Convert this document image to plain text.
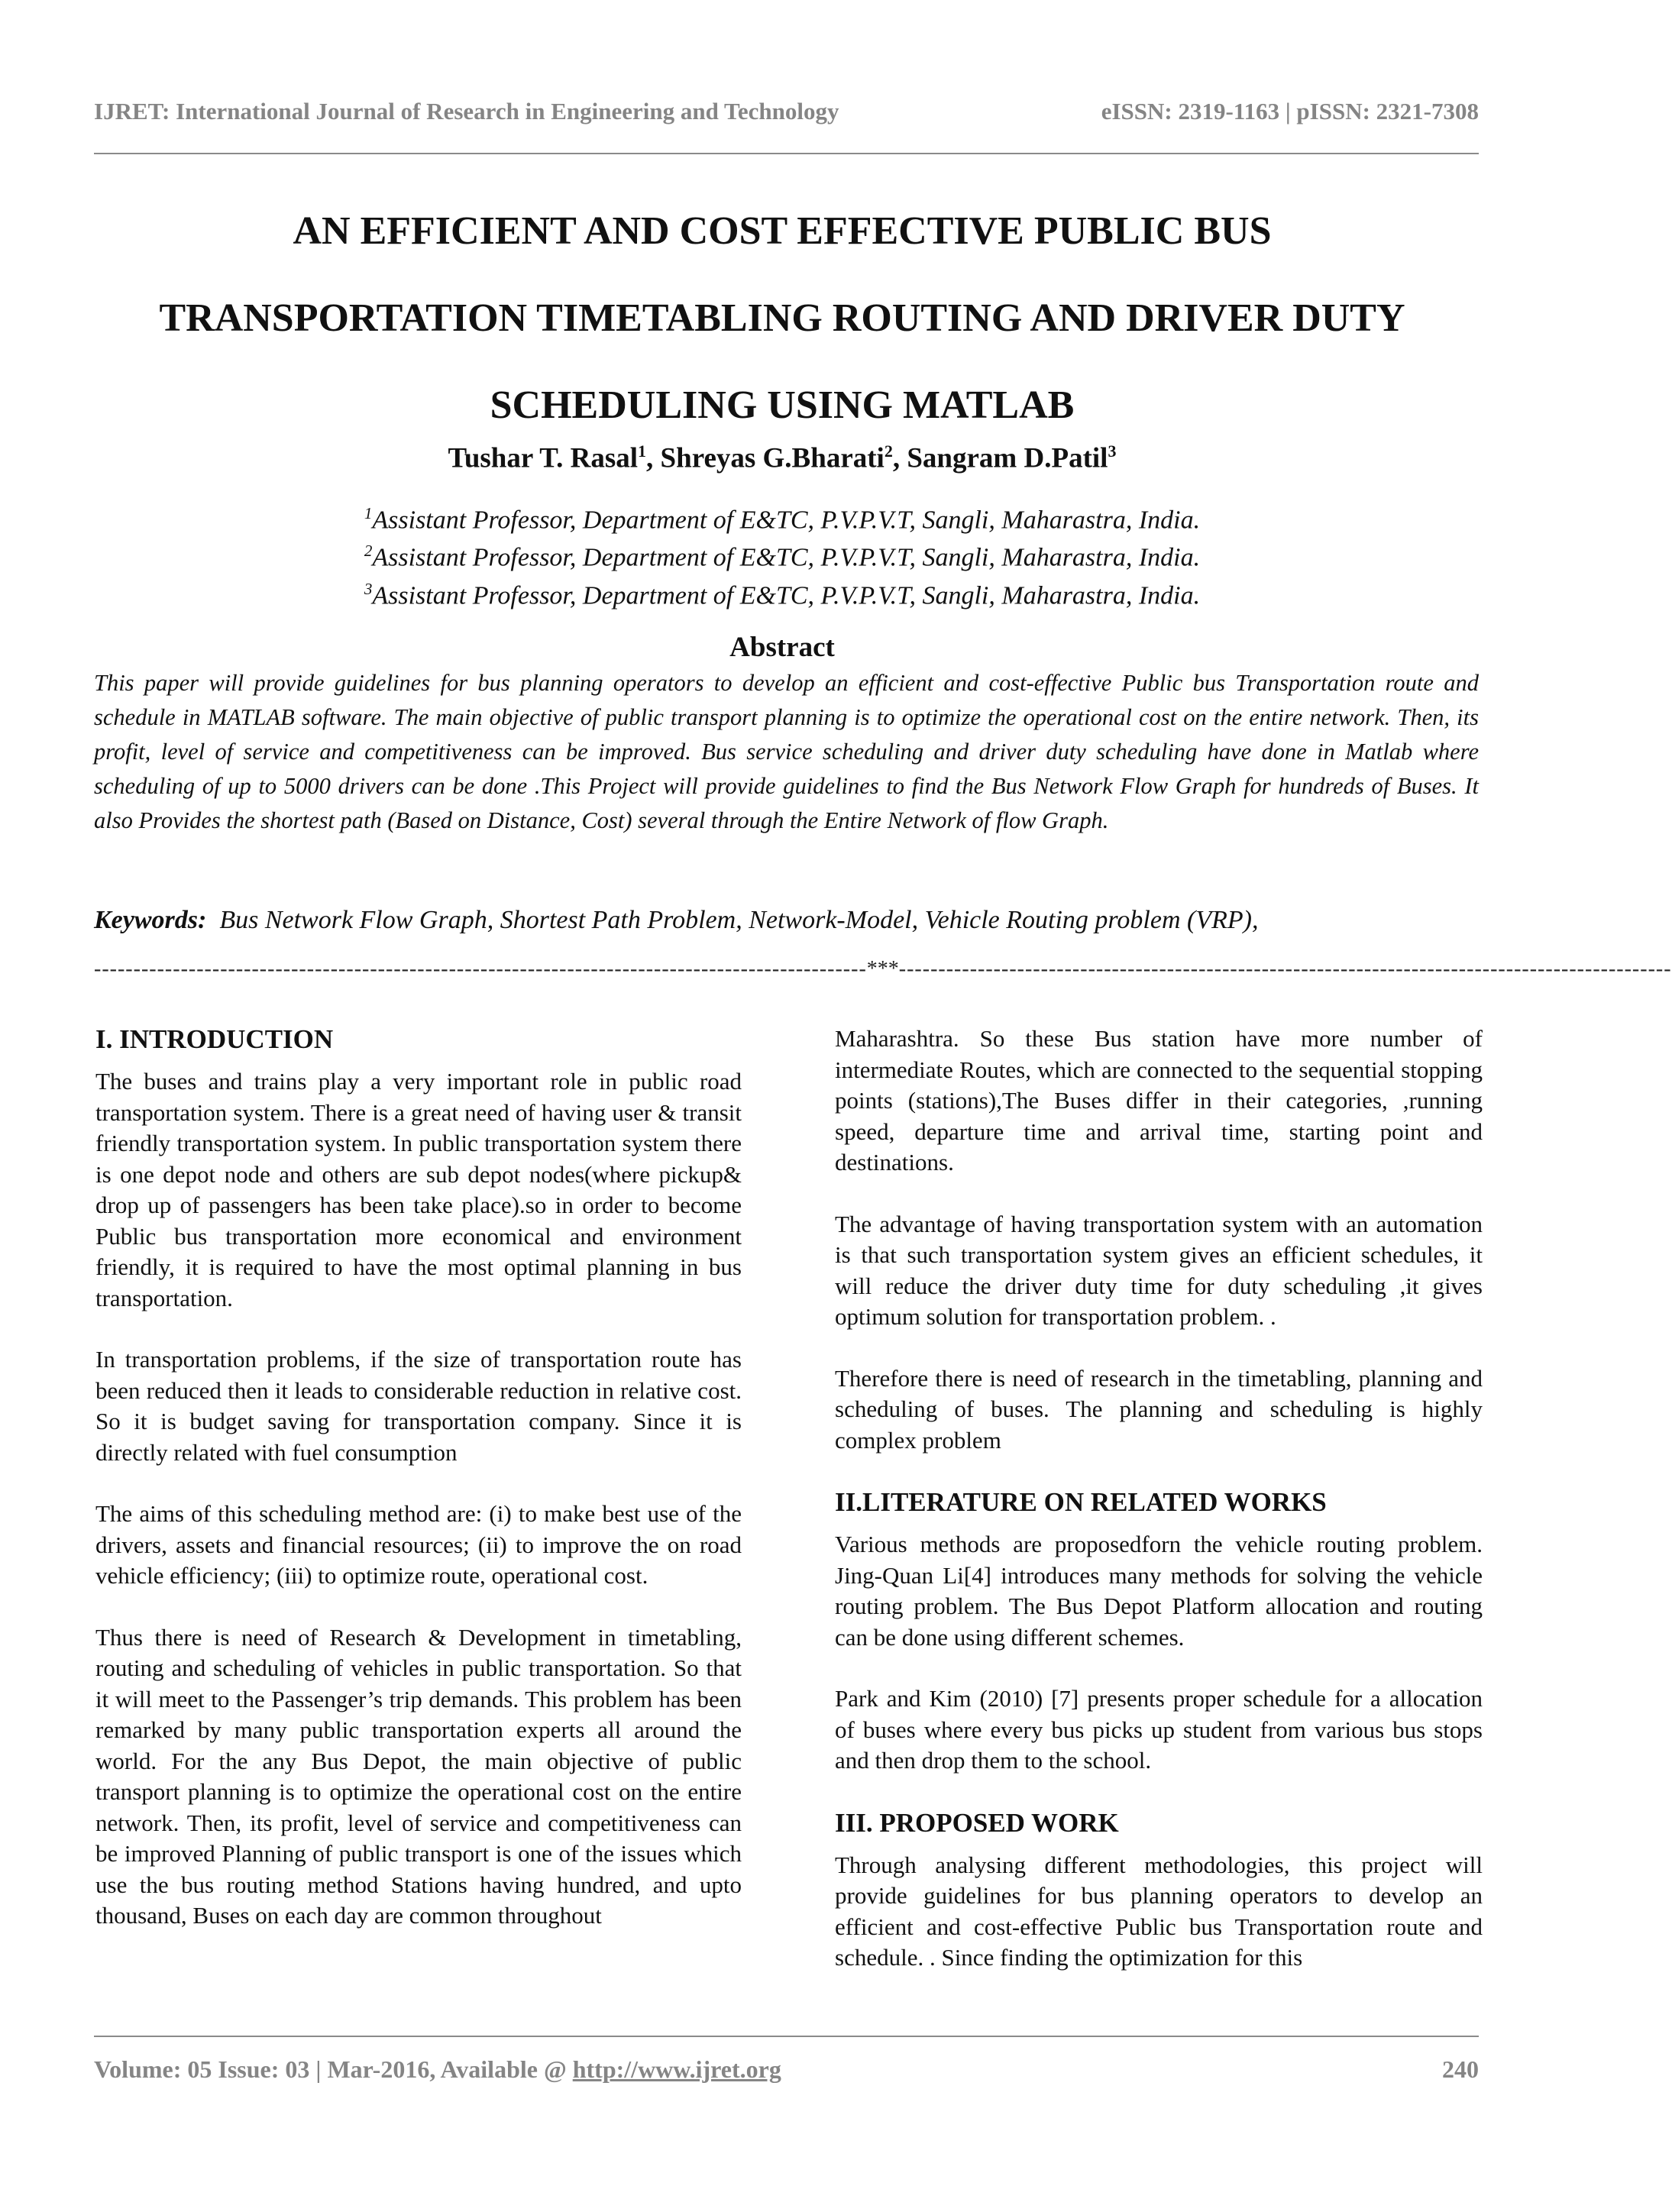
IJRET: International Journal of Research in Engineering and Technology	eISSN: 2319-1163 | pISSN: 2321-7308
AN EFFICIENT AND COST EFFECTIVE PUBLIC BUS
TRANSPORTATION TIMETABLING ROUTING AND DRIVER DUTY
SCHEDULING USING MATLAB
Tushar T. Rasal$^1$, Shreyas G.Bharati$^2$, Sangram D.Patil$^3$
$^1$Assistant Professor, Department of E&TC, P.V.P.V.T, Sangli, Maharastra, India.
$^2$Assistant Professor, Department of E&TC, P.V.P.V.T, Sangli, Maharastra, India.
$^3$Assistant Professor, Department of E&TC, P.V.P.V.T, Sangli, Maharastra, India.
Abstract
This paper will provide guidelines for bus planning operators to develop an efficient and cost-effective Public bus Transportation route and schedule in MATLAB software. The main objective of public transport planning is to optimize the operational cost on the entire network. Then, its profit, level of service and competitiveness can be improved. Bus service scheduling and driver duty scheduling have done in Matlab where scheduling of up to 5000 drivers can be done .This Project will provide guidelines to find the Bus Network Flow Graph for hundreds of Buses. It also Provides the shortest path (Based on Distance, Cost) several through the Entire Network of flow Graph.
Keywords: Bus Network Flow Graph, Shortest Path Problem, Network-Model, Vehicle Routing problem (VRP),
--------------------------------------------------------------------------------------------------***--------------------------------------------------------------------------------------------------
I. INTRODUCTION

The buses and trains play a very important role in public road transportation system. There is a great need of having user & transit friendly transportation system. In public transportation system there is one depot node and others are sub depot nodes(where pickup& drop up of passengers has been take place).so in order to become Public bus transportation more economical and environment friendly, it is required to have the most optimal planning in bus transportation.

In transportation problems, if the size of transportation route has been reduced then it leads to considerable reduction in relative cost. So it is budget saving for transportation company. Since it is directly related with fuel consumption

The aims of this scheduling method are: (i) to make best use of the drivers, assets and financial resources; (ii) to improve the on road vehicle efficiency; (iii) to optimize route, operational cost.

Thus there is need of Research & Development in timetabling, routing and scheduling of vehicles in public transportation. So that it will meet to the Passenger’s trip demands. This problem has been remarked by many public transportation experts all around the world. For the any Bus Depot, the main objective of public transport planning is to optimize the operational cost on the entire network. Then, its profit, level of service and competitiveness can be improved Planning of public transport is one of the issues which use the bus routing method Stations having hundred, and upto thousand, Buses on each day are common throughout

Maharashtra. So these Bus station have more number of intermediate Routes, which are connected to the sequential stopping points (stations),The Buses differ in their categories, ,running speed, departure time and arrival time, starting point and destinations.

The advantage of having transportation system with an automation is that such transportation system gives an efficient schedules, it will reduce the driver duty time for duty scheduling ,it gives optimum solution for transportation problem. .

Therefore there is need of research in the timetabling, planning and scheduling of buses. The planning and scheduling is highly complex problem

II.LITERATURE ON RELATED WORKS

Various methods are proposedforn the vehicle routing problem. Jing-Quan Li[4] introduces many methods for solving the vehicle routing problem. The Bus Depot Platform allocation and routing can be done using different schemes.

Park and Kim (2010) [7] presents proper schedule for a allocation of buses where every bus picks up student from various bus stops and then drop them to the school.

III. PROPOSED WORK

Through analysing different methodologies, this project will provide guidelines for bus planning operators to develop an efficient and cost-effective Public bus Transportation route and schedule. . Since finding the optimization for this

Volume: 05 Issue: 03 | Mar-2016, Available @ http://www.ijret.org	240
